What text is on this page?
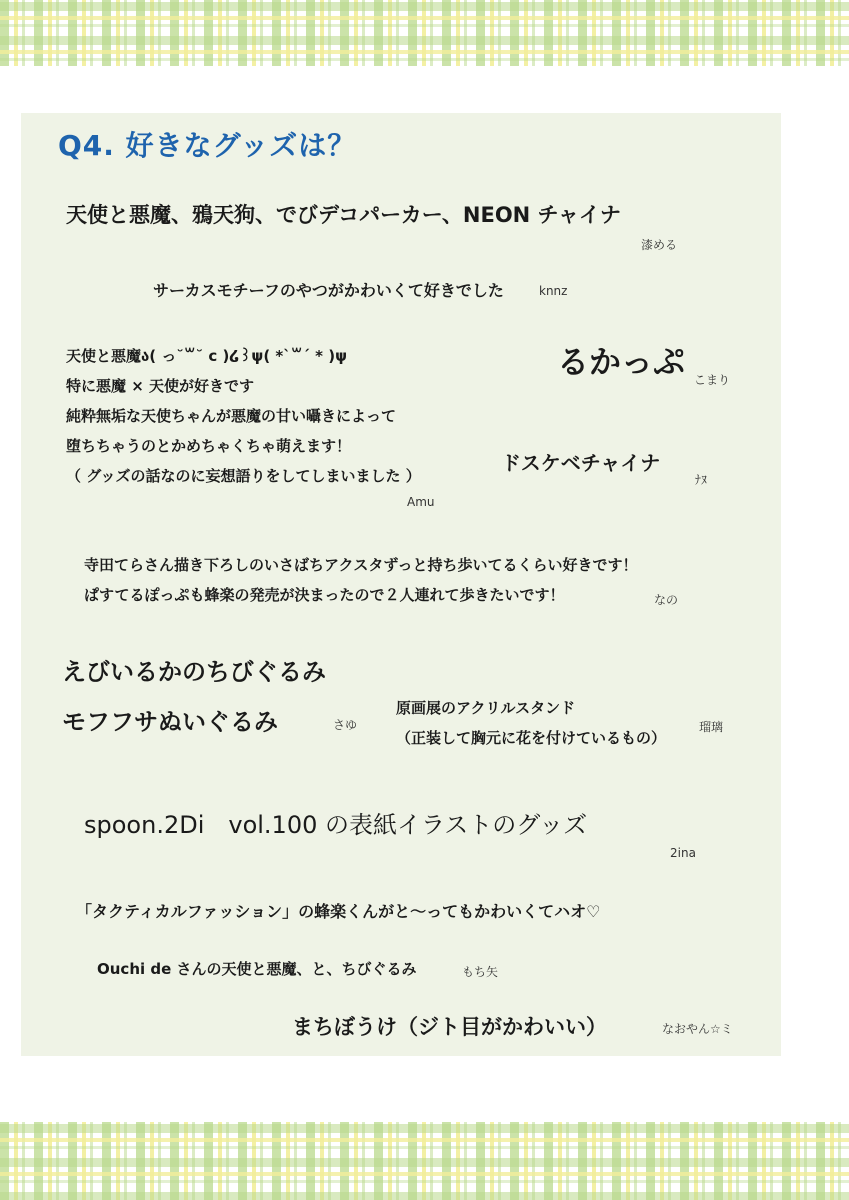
Q4. 好きなグッズは？

天使と悪魔、鴉天狗、でびデコパーカー、NEON チャイナ

漆める

サーカスモチーフのやつがかわいくて好きでした	knnz

天使と悪魔ა( っ˘꒳˘ c )໒꒱ψ( *`꒳´ * )ψ

特に悪魔 × 天使が好きです

純粋無垢な天使ちゃんが悪魔の甘い囁きによって

堕ちちゃうのとかめちゃくちゃ萌えます！

（ グッズの話なのに妄想語りをしてしまいました ）

Amu

るかっぷ こまり

ドスケベチャイナ

ﾅﾇ

寺田てらさん描き下ろしのいさばちアクスタずっと持ち歩いてるくらい好きです！

ぱすてるぽっぷも蜂楽の発売が決まったので２人連れて歩きたいです！	なの

えびいるかのちびぐるみ

モフフサぬいぐるみ	さゆ

原画展のアクリルスタンド

（正装して胸元に花を付けているもの）

瑠璃

spoon.2Di　vol.100 の表紙イラストのグッズ

2ina

「タクティカルファッション」の蜂楽くんがと〜ってもかわいくてハオ♡

Ouchi de さんの天使と悪魔、と、ちびぐるみ	もち矢

まちぼうけ（ジト目がかわいい）	なおやん☆ミ
